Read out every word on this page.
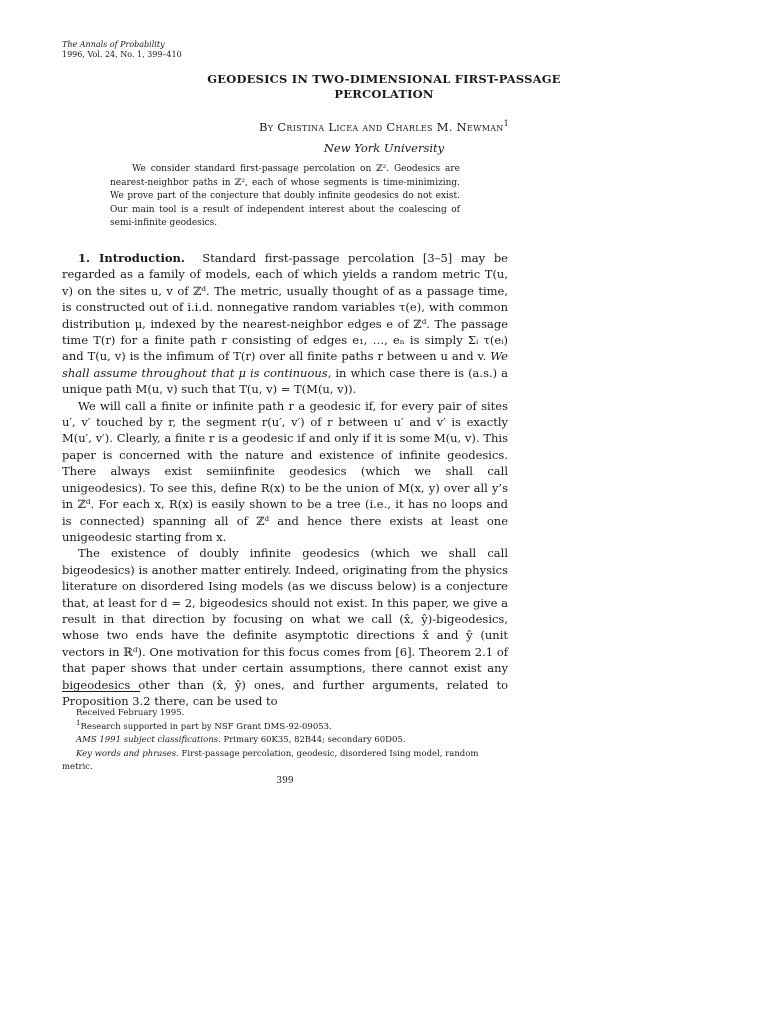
The Annals of Probability
1996, Vol. 24, No. 1, 399–410
GEODESICS IN TWO-DIMENSIONAL FIRST-PASSAGE
PERCOLATION
By Cristina Licea and Charles M. Newman$^1$
New York University
We consider standard first-passage percolation on ℤ². Geodesics are nearest-neighbor paths in ℤ², each of whose segments is time-minimizing. We prove part of the conjecture that doubly infinite geodesics do not exist. Our main tool is a result of independent interest about the coalescing of semi-infinite geodesics.

1. Introduction. Standard first-passage percolation [3–5] may be regarded as a family of models, each of which yields a random metric T(u, v) on the sites u, v of ℤᵈ. The metric, usually thought of as a passage time, is constructed out of i.i.d. nonnegative random variables τ(e), with common distribution μ, indexed by the nearest-neighbor edges e of ℤᵈ. The passage time T(r) for a finite path r consisting of edges e₁, …, eₙ is simply Σᵢ τ(eᵢ) and T(u, v) is the infimum of T(r) over all finite paths r between u and v. We shall assume throughout that μ is continuous, in which case there is (a.s.) a unique path M(u, v) such that T(u, v) = T(M(u, v)).

We will call a finite or infinite path r a geodesic if, for every pair of sites u′, v′ touched by r, the segment r(u′, v′) of r between u′ and v′ is exactly M(u′, v′). Clearly, a finite r is a geodesic if and only if it is some M(u, v). This paper is concerned with the nature and existence of infinite geodesics. There always exist semiinfinite geodesics (which we shall call unigeodesics). To see this, define R(x) to be the union of M(x, y) over all y’s in ℤᵈ. For each x, R(x) is easily shown to be a tree (i.e., it has no loops and is connected) spanning all of ℤᵈ and hence there exists at least one unigeodesic starting from x.

The existence of doubly infinite geodesics (which we shall call bigeodesics) is another matter entirely. Indeed, originating from the physics literature on disordered Ising models (as we discuss below) is a conjecture that, at least for d = 2, bigeodesics should not exist. In this paper, we give a result in that direction by focusing on what we call (x̂, ŷ)-bigeodesics, whose two ends have the definite asymptotic directions x̂ and ŷ (unit vectors in ℝᵈ). One motivation for this focus comes from [6]. Theorem 2.1 of that paper shows that under certain assumptions, there cannot exist any bigeodesics other than (x̂, ŷ) ones, and further arguments, related to Proposition 3.2 there, can be used to

Received February 1995.
$^1$Research supported in part by NSF Grant DMS-92-09053.
AMS 1991 subject classifications. Primary 60K35, 82B44; secondary 60D05.
Key words and phrases. First-passage percolation, geodesic, disordered Ising model, random metric.
399
